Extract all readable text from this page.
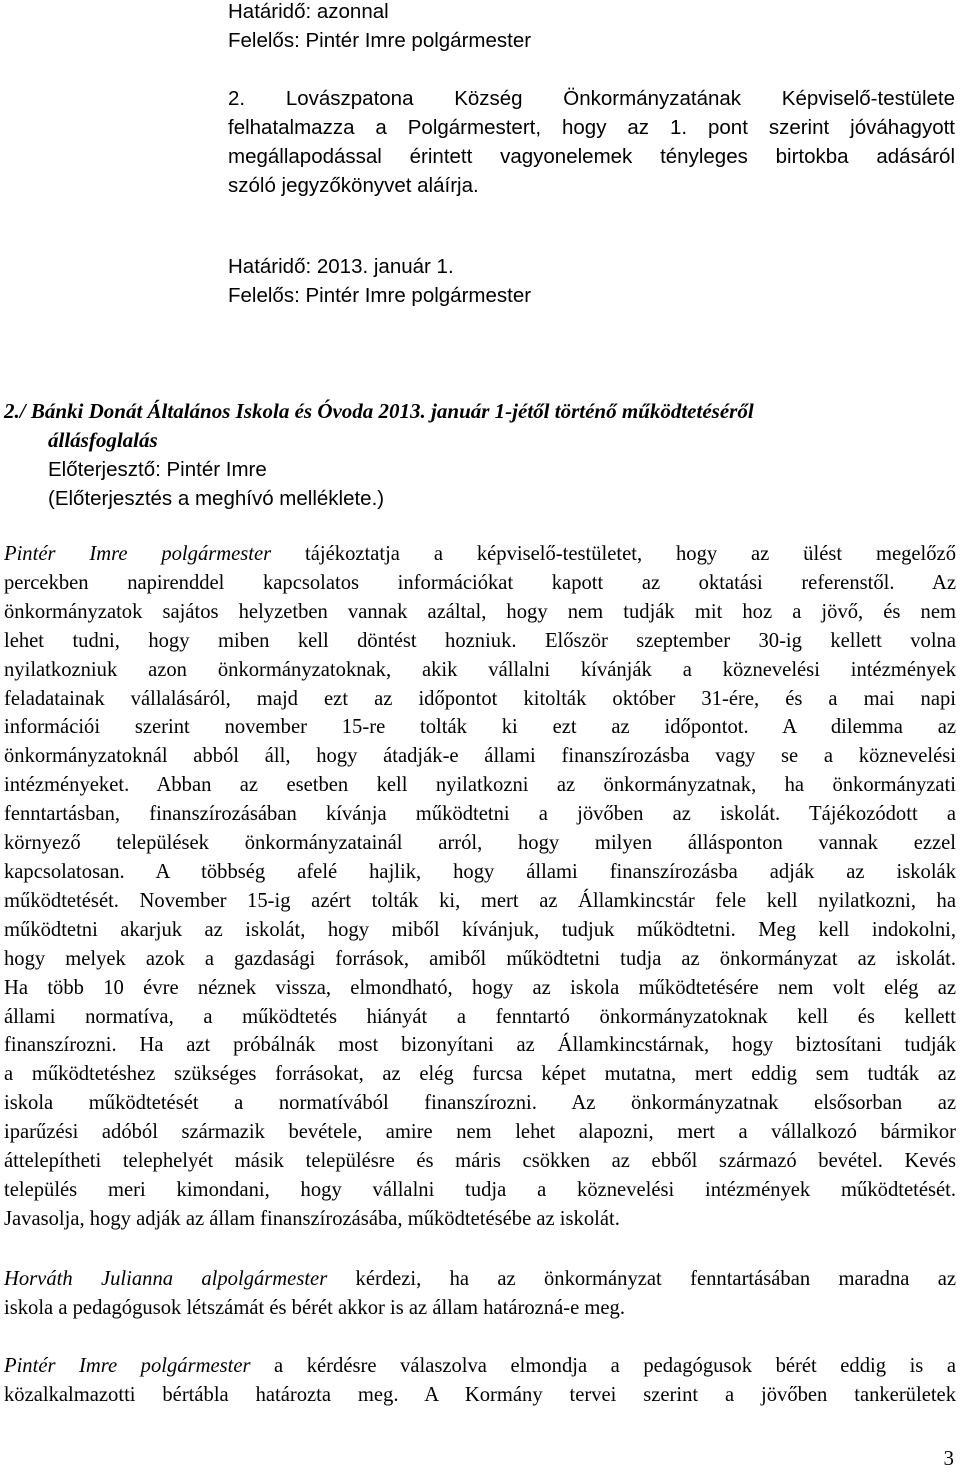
Határidő: azonnal
Felelős: Pintér Imre polgármester
2. Lovászpatona Község Önkormányzatának Képviselő-testülete
felhatalmazza a Polgármestert, hogy az 1. pont szerint jóváhagyott
megállapodással érintett vagyonelemek tényleges birtokba adásáról
szóló jegyzőkönyvet aláírja.
Határidő: 2013. január 1.
Felelős: Pintér Imre polgármester
2./ Bánki Donát Általános Iskola és Óvoda 2013. január 1-jétől történő működtetéséről
állásfoglalás
Előterjesztő: Pintér Imre
(Előterjesztés a meghívó melléklete.)
Pintér Imre polgármester tájékoztatja a képviselő-testületet, hogy az ülést megelőző
percekben napirenddel kapcsolatos információkat kapott az oktatási referenstől. Az
önkormányzatok sajátos helyzetben vannak azáltal, hogy nem tudják mit hoz a jövő, és nem
lehet tudni, hogy miben kell döntést hozniuk. Először szeptember 30-ig kellett volna
nyilatkozniuk azon önkormányzatoknak, akik vállalni kívánják a köznevelési intézmények
feladatainak vállalásáról, majd ezt az időpontot kitolták október 31-ére, és a mai napi
információi szerint november 15-re tolták ki ezt az időpontot. A dilemma az
önkormányzatoknál abból áll, hogy átadják-e állami finanszírozásba vagy se a köznevelési
intézményeket. Abban az esetben kell nyilatkozni az önkormányzatnak, ha önkormányzati
fenntartásban, finanszírozásában kívánja működtetni a jövőben az iskolát. Tájékozódott a
környező települések önkormányzatainál arról, hogy milyen állásponton vannak ezzel
kapcsolatosan. A többség afelé hajlik, hogy állami finanszírozásba adják az iskolák
működtetését. November 15-ig azért tolták ki, mert az Államkincstár fele kell nyilatkozni, ha
működtetni akarjuk az iskolát, hogy miből kívánjuk, tudjuk működtetni. Meg kell indokolni,
hogy melyek azok a gazdasági források, amiből működtetni tudja az önkormányzat az iskolát.
Ha több 10 évre néznek vissza, elmondható, hogy az iskola működtetésére nem volt elég az
állami normatíva, a működtetés hiányát a fenntartó önkormányzatoknak kell és kellett
finanszírozni. Ha azt próbálnák most bizonyítani az Államkincstárnak, hogy biztosítani tudják
a működtetéshez szükséges forrásokat, az elég furcsa képet mutatna, mert eddig sem tudták az
iskola működtetését a normatívából finanszírozni. Az önkormányzatnak elsősorban az
iparűzési adóból származik bevétele, amire nem lehet alapozni, mert a vállalkozó bármikor
áttelepítheti telephelyét másik településre és máris csökken az ebből származó bevétel. Kevés
település meri kimondani, hogy vállalni tudja a köznevelési intézmények működtetését.
Javasolja, hogy adják az állam finanszírozásába, működtetésébe az iskolát.
Horváth Julianna alpolgármester kérdezi, ha az önkormányzat fenntartásában maradna az
iskola a pedagógusok létszámát és bérét akkor is az állam határozná-e meg.
Pintér Imre polgármester a kérdésre válaszolva elmondja a pedagógusok bérét eddig is a
közalkalmazotti bértábla határozta meg. A Kormány tervei szerint a jövőben tankerületek
3
